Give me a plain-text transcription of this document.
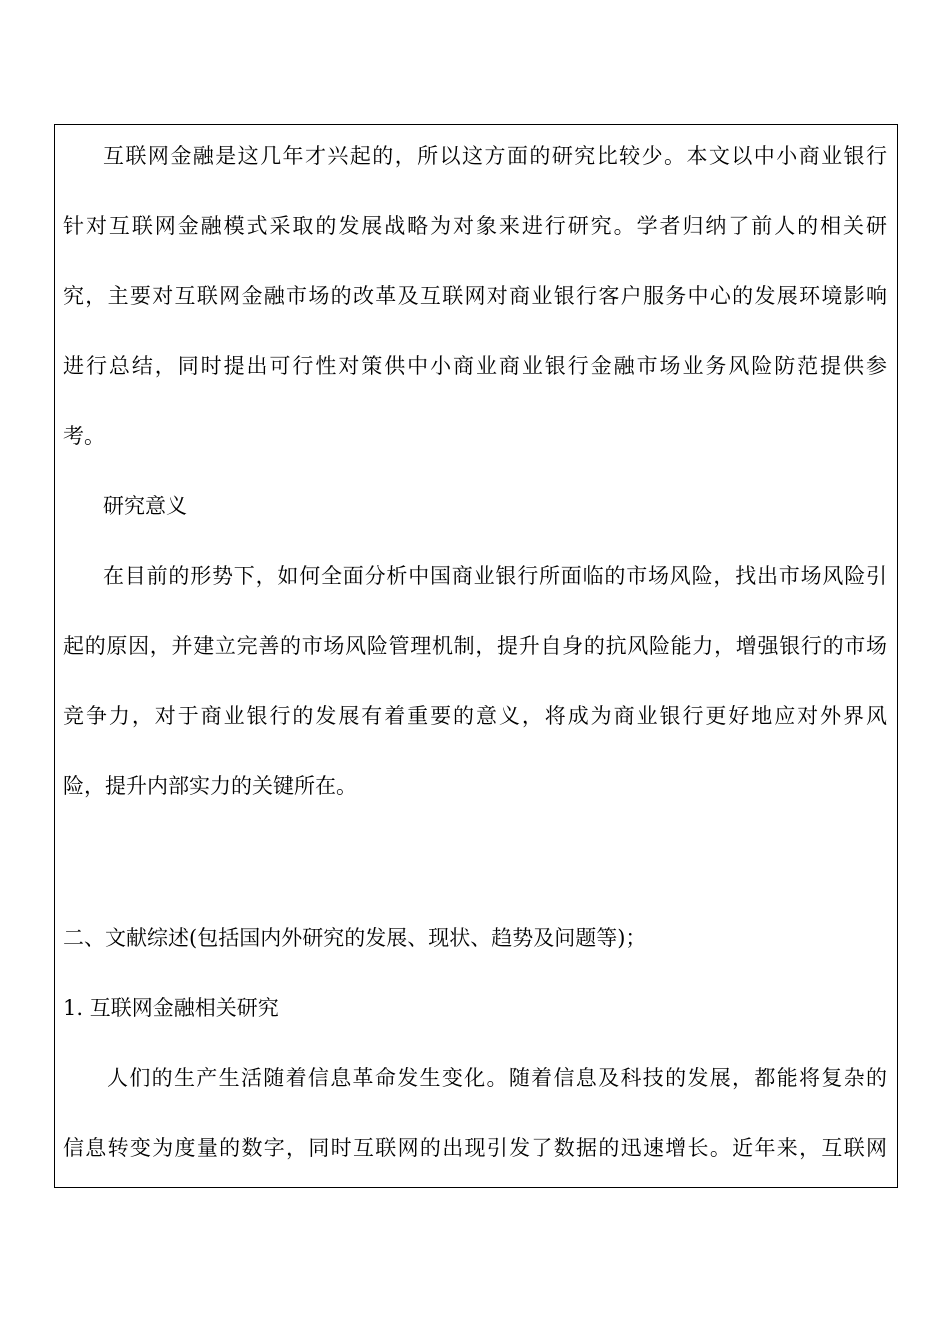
互联网金融是这几年才兴起的，所以这方面的研究比较少。本文以中小商业银行
针对互联网金融模式采取的发展战略为对象来进行研究。学者归纳了前人的相关研
究，主要对互联网金融市场的改革及互联网对商业银行客户服务中心的发展环境影响
进行总结，同时提出可行性对策供中小商业商业银行金融市场业务风险防范提供参
考。
研究意义
在目前的形势下，如何全面分析中国商业银行所面临的市场风险，找出市场风险引
起的原因，并建立完善的市场风险管理机制，提升自身的抗风险能力，增强银行的市场
竞争力，对于商业银行的发展有着重要的意义，将成为商业银行更好地应对外界风
险，提升内部实力的关键所在。
二、文献综述(包括国内外研究的发展、现状、趋势及问题等)；
1. 互联网金融相关研究
人们的生产生活随着信息革命发生变化。随着信息及科技的发展，都能将复杂的
信息转变为度量的数字，同时互联网的出现引发了数据的迅速增长。近年来，互联网
